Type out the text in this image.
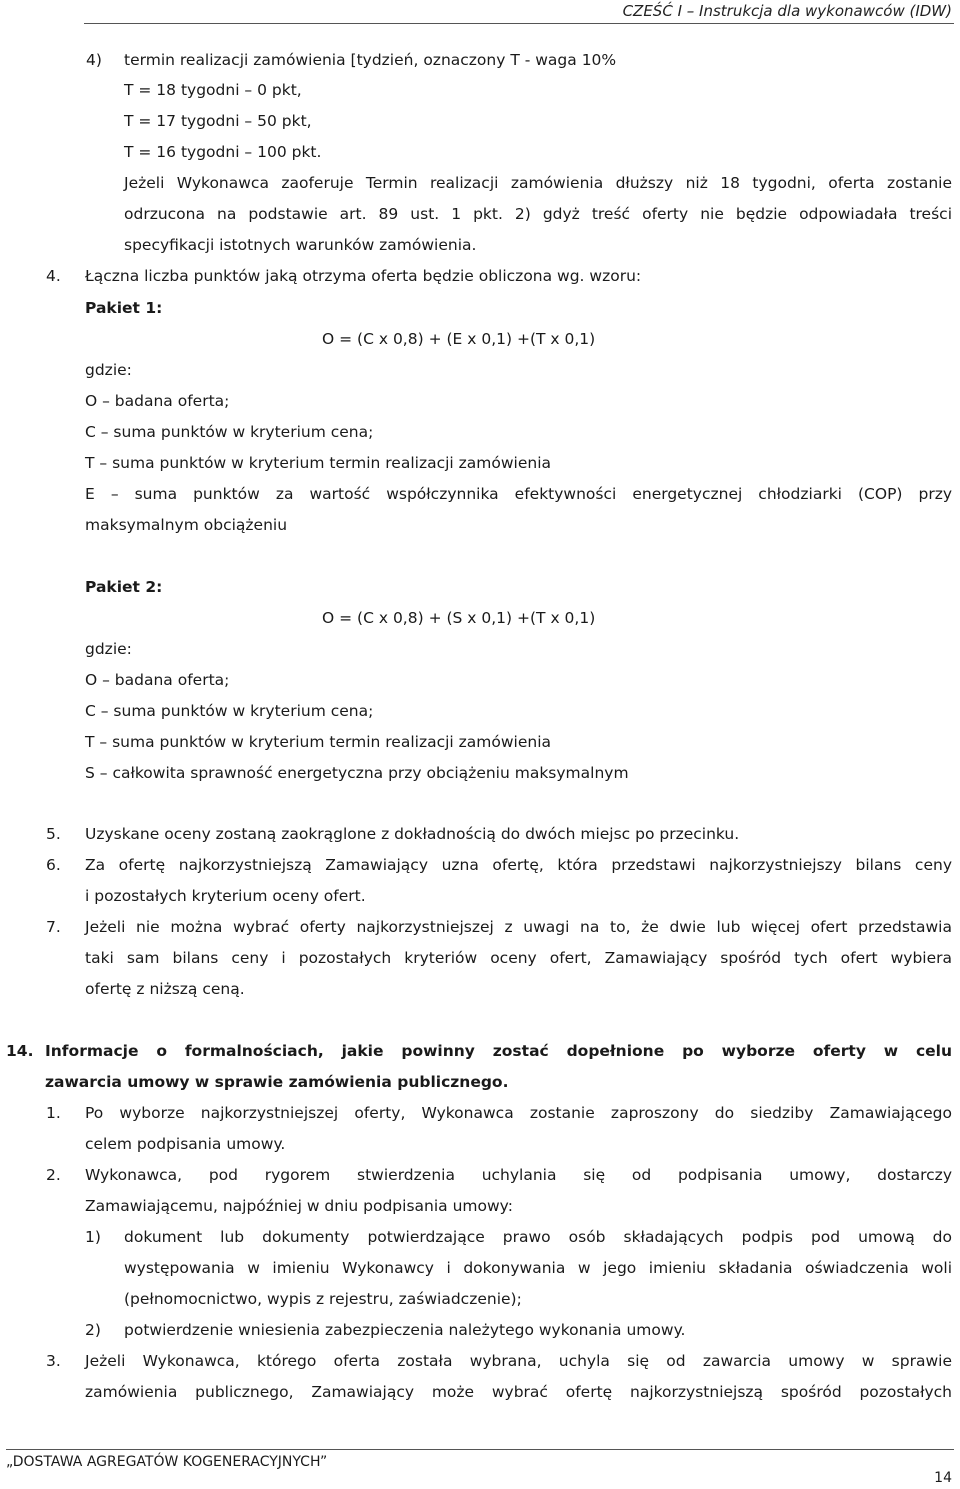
CZEŚĆ I – Instrukcja dla wykonawców (IDW)
4) termin realizacji zamówienia [tydzień, oznaczony T - waga 10%
T = 18 tygodni – 0 pkt,
T = 17 tygodni – 50 pkt,
T = 16 tygodni – 100 pkt.
Jeżeli Wykonawca zaoferuje Termin realizacji zamówienia dłuższy niż 18 tygodni, oferta zostanie
odrzucona na podstawie art. 89 ust. 1 pkt. 2) gdyż treść oferty nie będzie odpowiadała treści
specyfikacji istotnych warunków zamówienia.
4. Łączna liczba punktów jaką otrzyma oferta będzie obliczona wg. wzoru:
Pakiet 1:
O = (C x 0,8) + (E x 0,1) +(T x 0,1)
gdzie:
O – badana oferta;
C – suma punktów w kryterium cena;
T – suma punktów w kryterium termin realizacji zamówienia
E – suma punktów za wartość współczynnika efektywności energetycznej chłodziarki (COP) przy
maksymalnym obciążeniu
Pakiet 2:
O = (C x 0,8) + (S x 0,1) +(T x 0,1)
gdzie:
O – badana oferta;
C – suma punktów w kryterium cena;
T – suma punktów w kryterium termin realizacji zamówienia
S – całkowita sprawność energetyczna przy obciążeniu maksymalnym
5. Uzyskane oceny zostaną zaokrąglone z dokładnością do dwóch miejsc po przecinku.
6. Za ofertę najkorzystniejszą Zamawiający uzna ofertę, która przedstawi najkorzystniejszy bilans ceny
i pozostałych kryterium oceny ofert.
7. Jeżeli nie można wybrać oferty najkorzystniejszej z uwagi na to, że dwie lub więcej ofert przedstawia
taki sam bilans ceny i pozostałych kryteriów oceny ofert, Zamawiający spośród tych ofert wybiera
ofertę z niższą ceną.
14. Informacje o formalnościach, jakie powinny zostać dopełnione po wyborze oferty w celu
zawarcia umowy w sprawie zamówienia publicznego.
1. Po wyborze najkorzystniejszej oferty, Wykonawca zostanie zaproszony do siedziby Zamawiającego
celem podpisania umowy.
2. Wykonawca, pod rygorem stwierdzenia uchylania się od podpisania umowy, dostarczy
Zamawiającemu, najpóźniej w dniu podpisania umowy:
1) dokument lub dokumenty potwierdzające prawo osób składających podpis pod umową do
występowania w imieniu Wykonawcy i dokonywania w jego imieniu składania oświadczenia woli
(pełnomocnictwo, wypis z rejestru, zaświadczenie);
2) potwierdzenie wniesienia zabezpieczenia należytego wykonania umowy.
3. Jeżeli Wykonawca, którego oferta została wybrana, uchyla się od zawarcia umowy w sprawie
zamówienia publicznego, Zamawiający może wybrać ofertę najkorzystniejszą spośród pozostałych
„DOSTAWA AGREGATÓW KOGENERACYJNYCH”
14
